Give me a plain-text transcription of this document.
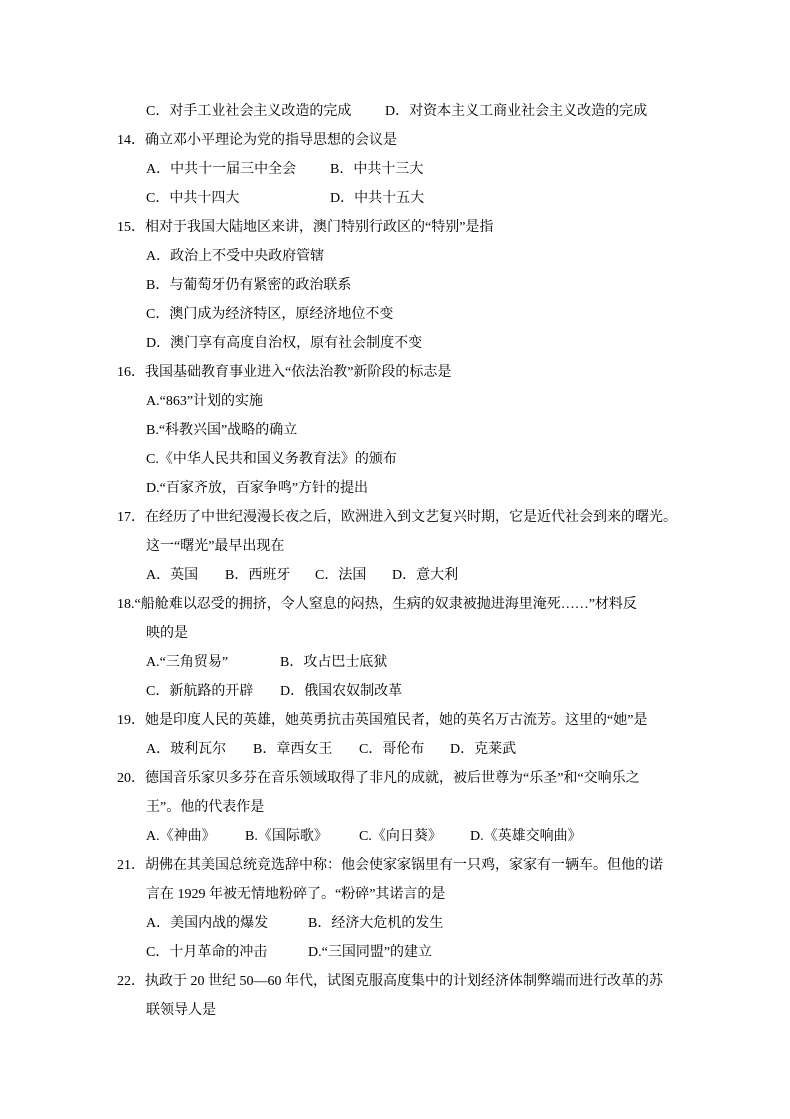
C．对手工业社会主义改造的完成 D．对资本主义工商业社会主义改造的完成
14．确立邓小平理论为党的指导思想的会议是
A．中共十一届三中全会 B．中共十三大
C．中共十四大	D．中共十五大
15．相对于我国大陆地区来讲，澳门特别行政区的“特别”是指
A．政治上不受中央政府管辖
B．与葡萄牙仍有紧密的政治联系
C．澳门成为经济特区，原经济地位不变
D．澳门享有高度自治权，原有社会制度不变
16．我国基础教育事业进入“依法治教”新阶段的标志是
A.“863”计划的实施
B.“科教兴国”战略的确立
C.《中华人民共和国义务教育法》的颁布
D.“百家齐放，百家争鸣”方针的提出
17．在经历了中世纪漫漫长夜之后，欧洲进入到文艺复兴时期，它是近代社会到来的曙光。
这一“曙光”最早出现在
A．英国 B．西班牙 C．法国 D．意大利
18.“船舱难以忍受的拥挤，令人窒息的闷热，生病的奴隶被抛进海里淹死……”材料反
映的是
A.“三角贸易”	B．攻占巴士底狱
C．新航路的开辟 D．俄国农奴制改革
19．她是印度人民的英雄，她英勇抗击英国殖民者，她的英名万古流芳。这里的“她”是
A．玻利瓦尔 B．章西女王 C．哥伦布 D．克莱武
20．德国音乐家贝多芬在音乐领域取得了非凡的成就，被后世尊为“乐圣”和“交响乐之
王”。他的代表作是
A.《神曲》 B.《国际歌》 C.《向日葵》 D.《英雄交响曲》
21．胡佛在其美国总统竞选辞中称：他会使家家锅里有一只鸡，家家有一辆车。但他的诺
言在 1929 年被无情地粉碎了。“粉碎”其诺言的是
A．美国内战的爆发	B．经济大危机的发生
C．十月革命的冲击	D.“三国同盟”的建立
22．执政于 20 世纪 50—60 年代，试图克服高度集中的计划经济体制弊端而进行改革的苏
联领导人是
